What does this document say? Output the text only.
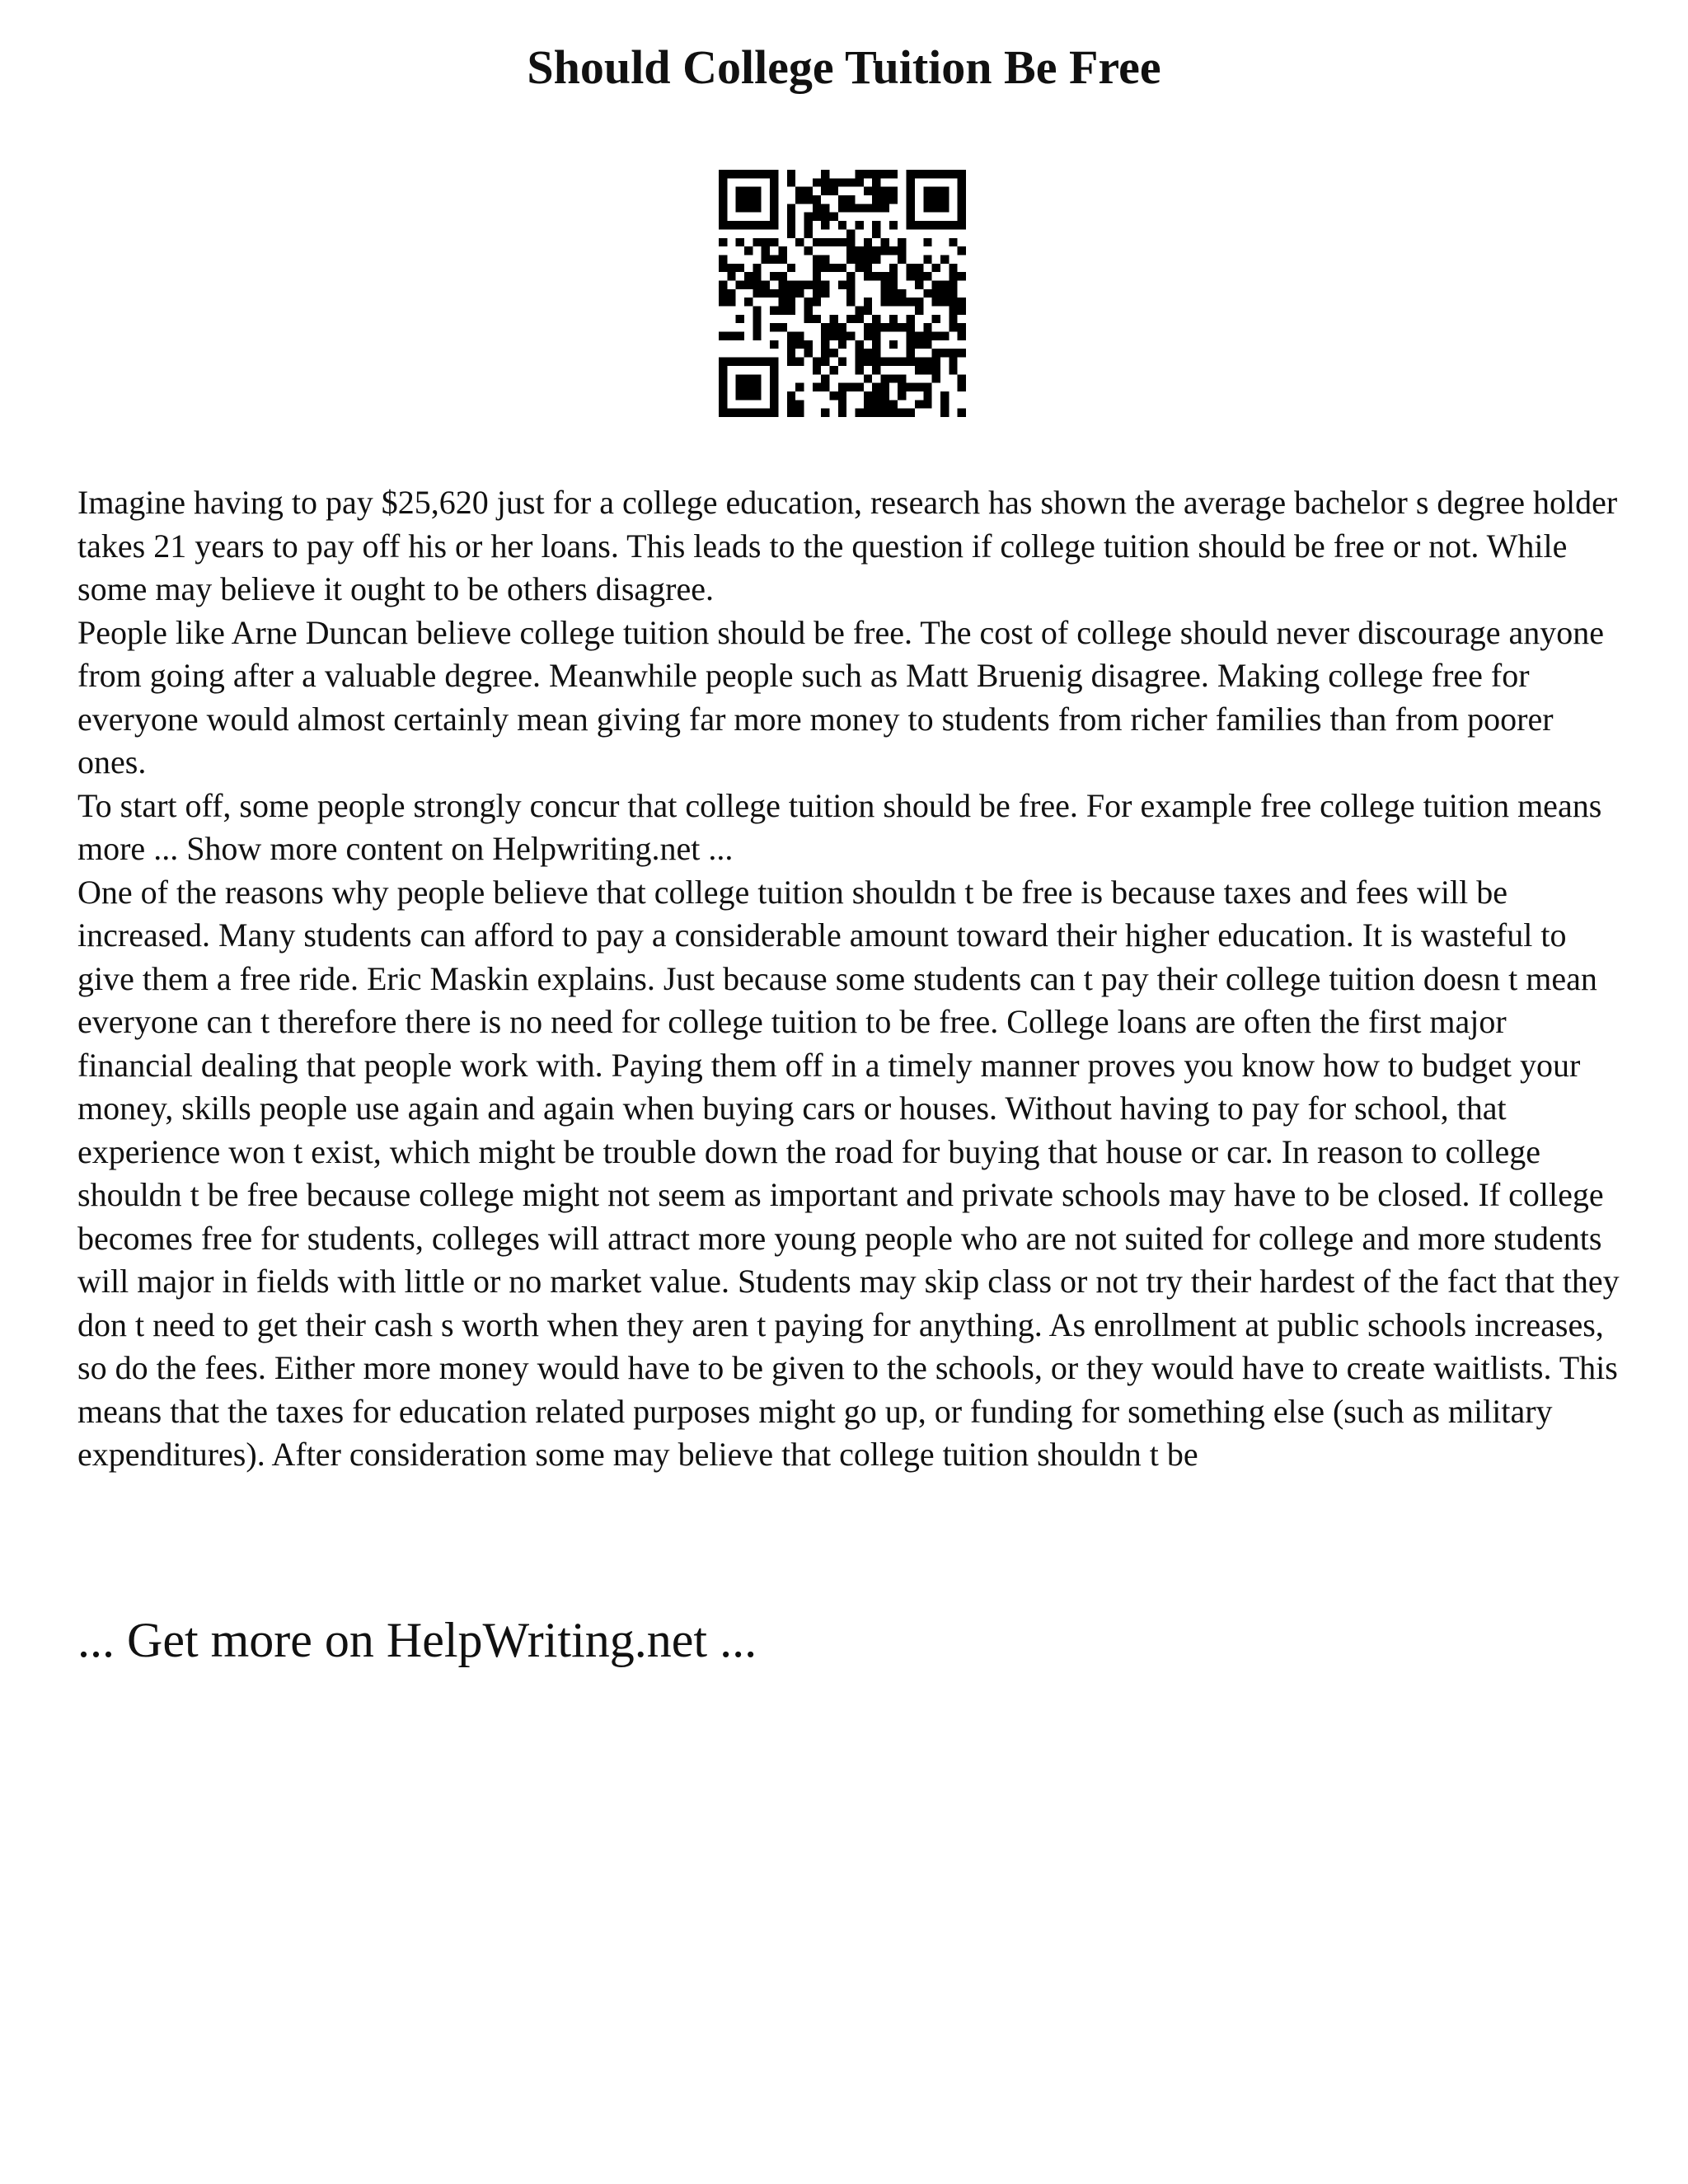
Should College Tuition Be Free

Imagine having to pay $25,620 just for a college education, research has shown the average bachelor s degree holder takes 21 years to pay off his or her loans. This leads to the question if college tuition should be free or not. While some may believe it ought to be others disagree.

People like Arne Duncan believe college tuition should be free. The cost of college should never discourage anyone from going after a valuable degree. Meanwhile people such as Matt Bruenig disagree. Making college free for everyone would almost certainly mean giving far more money to students from richer families than from poorer ones.

To start off, some people strongly concur that college tuition should be free. For example free college tuition means more ... Show more content on Helpwriting.net ...

One of the reasons why people believe that college tuition shouldn t be free is because taxes and fees will be increased. Many students can afford to pay a considerable amount toward their higher education. It is wasteful to give them a free ride. Eric Maskin explains. Just because some students can t pay their college tuition doesn t mean everyone can t therefore there is no need for college tuition to be free. College loans are often the first major financial dealing that people work with. Paying them off in a timely manner proves you know how to budget your money, skills people use again and again when buying cars or houses. Without having to pay for school, that experience won t exist, which might be trouble down the road for buying that house or car. In reason to college shouldn t be free because college might not seem as important and private schools may have to be closed. If college becomes free for students, colleges will attract more young people who are not suited for college and more students will major in fields with little or no market value. Students may skip class or not try their hardest of the fact that they don t need to get their cash s worth when they aren t paying for anything. As enrollment at public schools increases, so do the fees. Either more money would have to be given to the schools, or they would have to create waitlists. This means that the taxes for education related purposes might go up, or funding for something else (such as military expenditures). After consideration some may believe that college tuition shouldn t be

... Get more on HelpWriting.net ...
